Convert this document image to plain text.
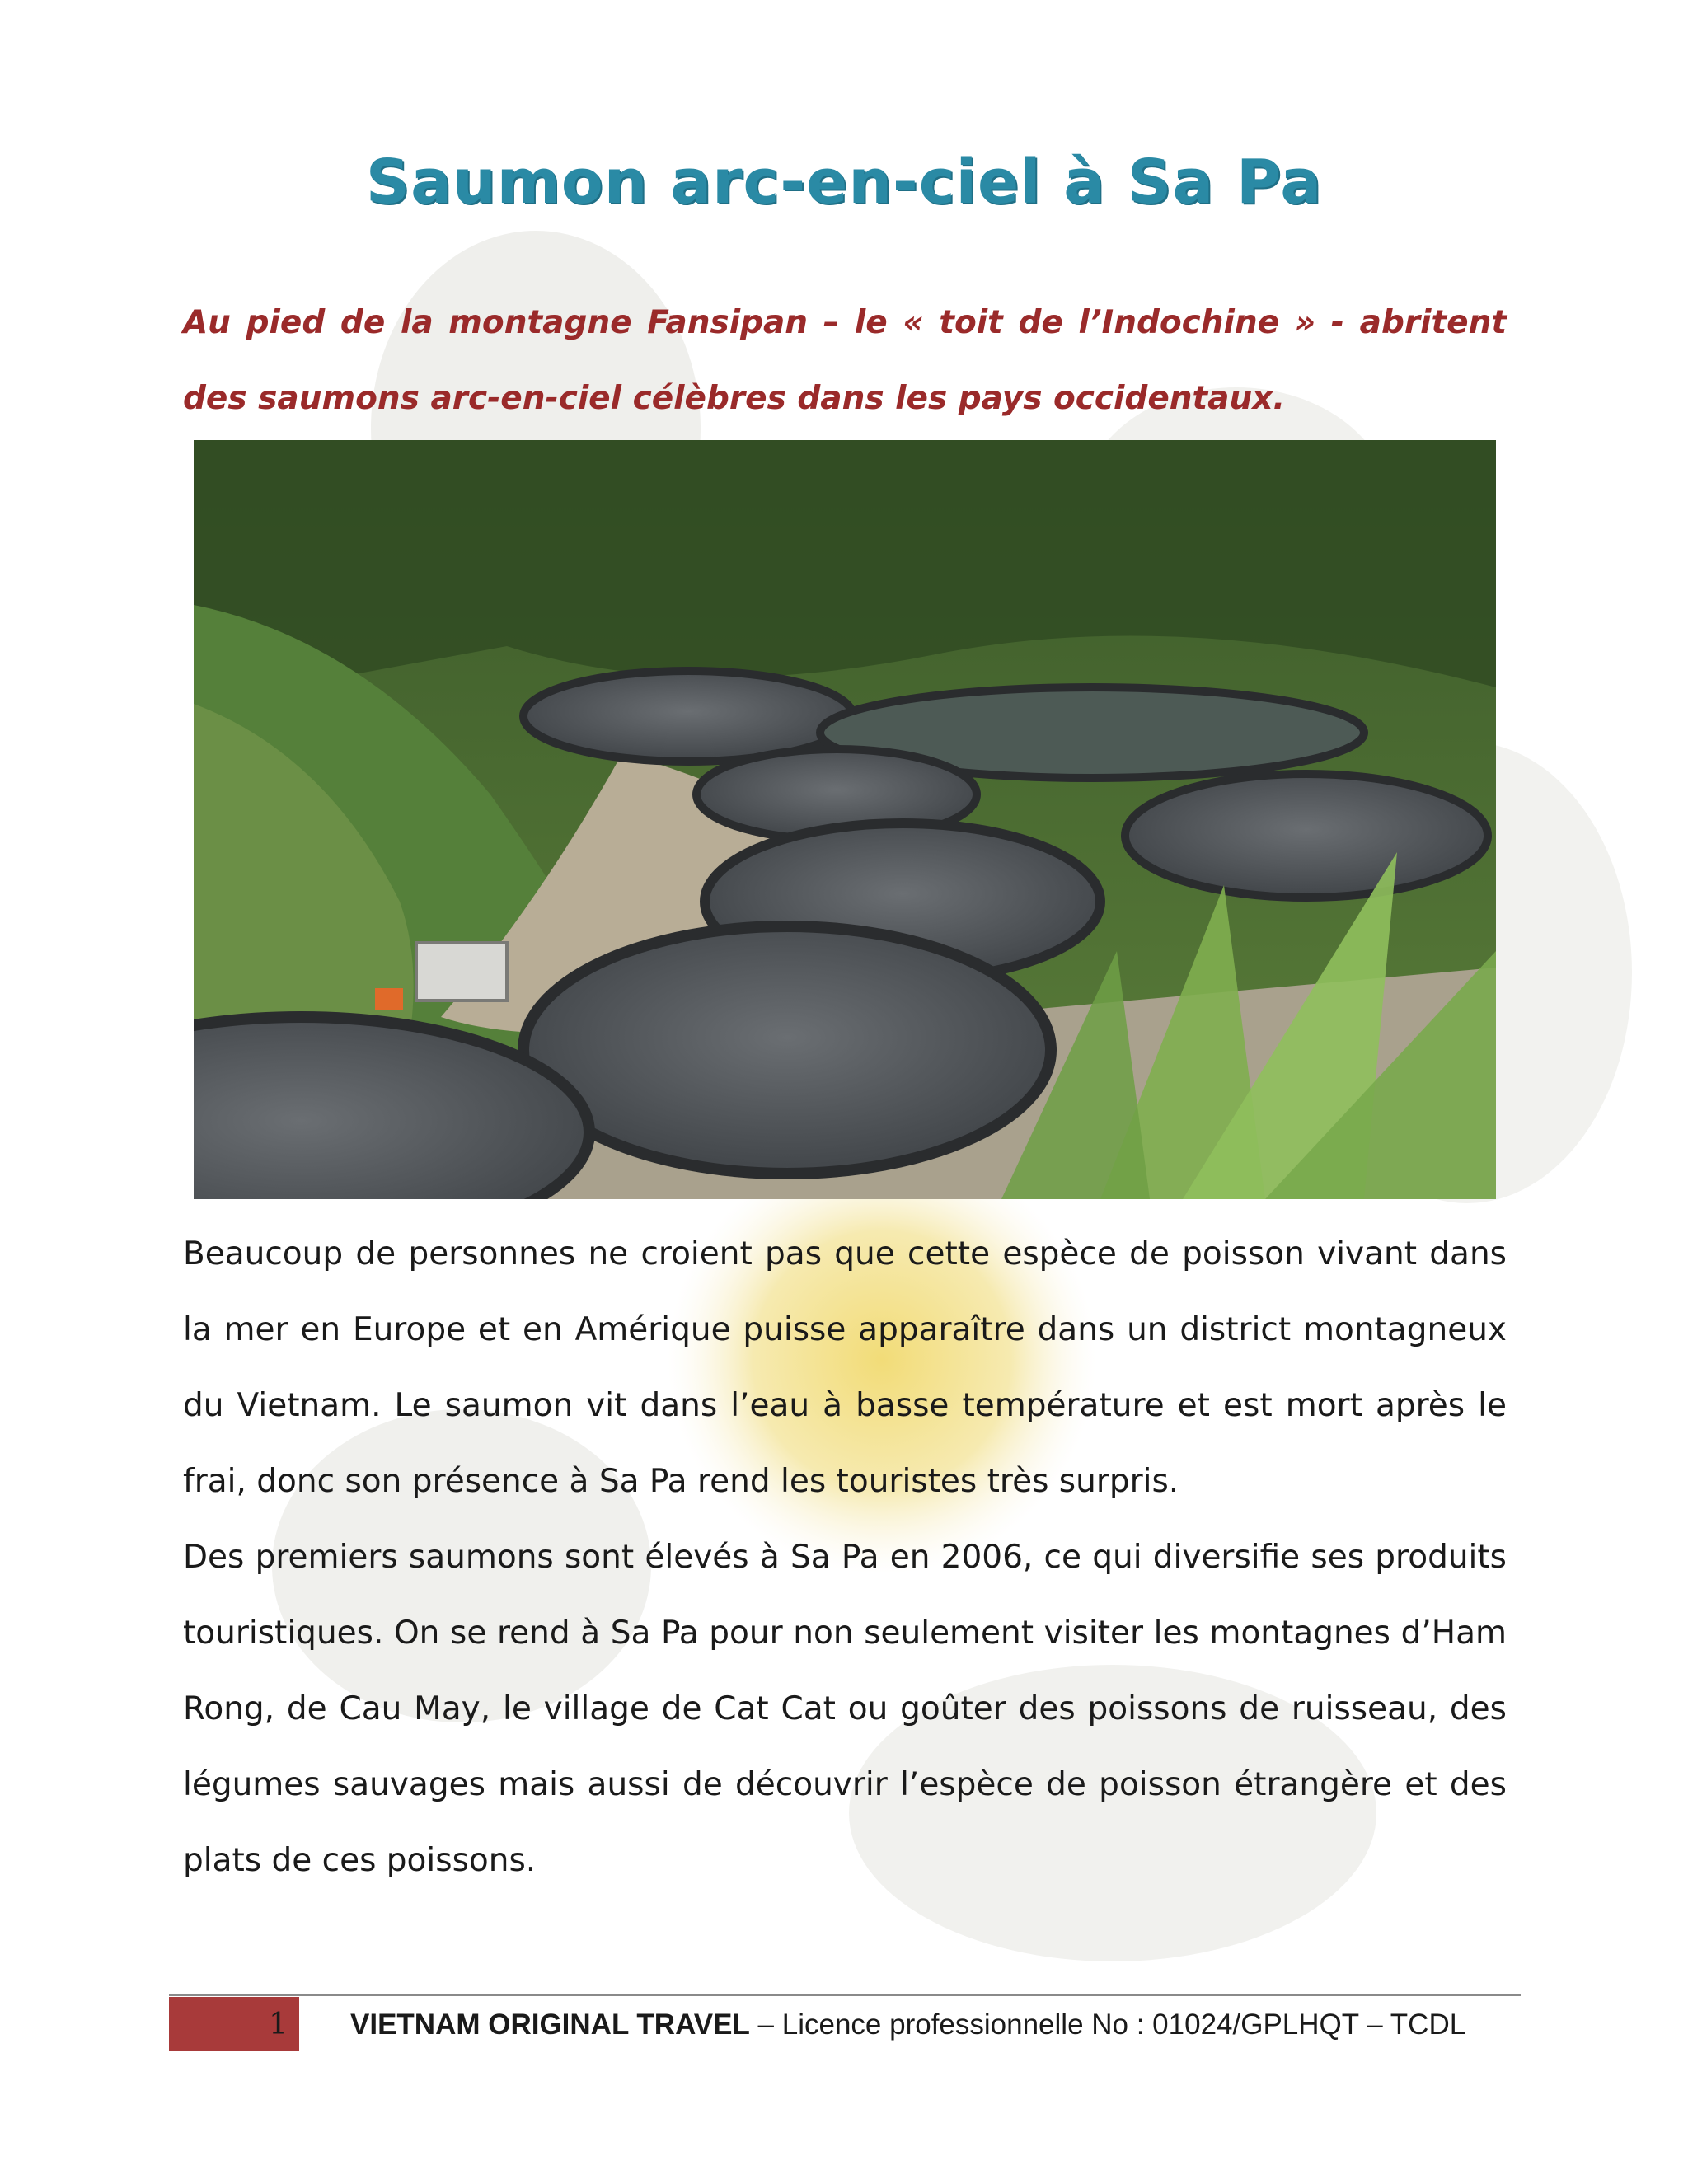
Saumon arc-en-ciel à Sa Pa

Au pied de la montagne Fansipan – le « toit de l’Indochine » - abritent des saumons arc-en-ciel célèbres dans les pays occidentaux.

Beaucoup de personnes ne croient pas que cette espèce de poisson vivant dans la mer en Europe et en Amérique puisse apparaître dans un district montagneux du Vietnam. Le saumon vit dans l’eau à basse température et est mort après le frai, donc son présence à Sa Pa rend les touristes très surpris.

Des premiers saumons sont élevés à Sa Pa en 2006, ce qui diversifie ses produits touristiques. On se rend à Sa Pa pour non seulement visiter les montagnes d’Ham Rong, de Cau May, le village de Cat Cat ou goûter des poissons de ruisseau, des légumes sauvages mais aussi de découvrir l’espèce de poisson étrangère et des plats de ces poissons.

1 VIETNAM ORIGINAL TRAVEL – Licence professionnelle No : 01024/GPLHQT – TCDL
